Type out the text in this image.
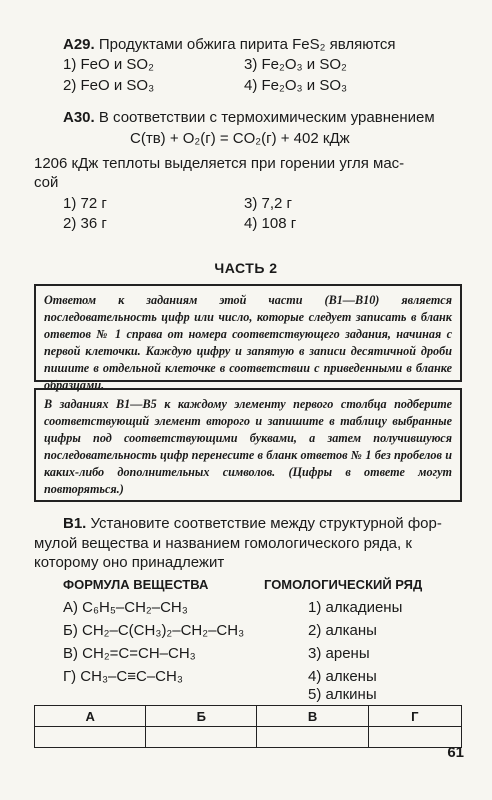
А29. Продуктами обжига пирита FeS₂ являются
1) FeO и SO₂	3) Fe₂O₃ и SO₂
2) FeO и SO₃	4) Fe₂O₃ и SO₃
А30. В соответствии с термохимическим уравнением
C(тв) + O₂(г) = CO₂(г) + 402 кДж
1206 кДж теплоты выделяется при горении угля мас-
сой
1) 72 г	3) 7,2 г
2) 36 г	4) 108 г
ЧАСТЬ 2
Ответом к заданиям этой части (В1—В10) является последовательность цифр или число, которые следует записать в бланк ответов № 1 справа от номера соответствующего задания, начиная с первой клеточки. Каждую цифру и запятую в записи десятичной дроби пишите в отдельной клеточке в соответствии с приведенными в бланке образцами.
В заданиях В1—В5 к каждому элементу первого столбца подберите соответствующий элемент второго и запишите в таблицу выбранные цифры под соответствующими буквами, а затем получившуюся последовательность цифр перенесите в бланк ответов № 1 без пробелов и каких-либо дополнительных символов. (Цифры в ответе могут повторяться.)
В1. Установите соответствие между структурной фор-
мулой вещества и названием гомологического ряда, к
которому оно принадлежит
ФОРМУЛА ВЕЩЕСТВА	ГОМОЛОГИЧЕСКИЙ РЯД
А) C₆H₅–CH₂–CH₃
Б) CH₂–C(CH₃)₂–CH₂–CH₃
В) CH₂=C=CH–CH₃
Г) CH₃–C≡C–CH₃
1) алкадиены
2) алканы
3) арены
4) алкены
А	Б	В	Г

5) алкины
61
